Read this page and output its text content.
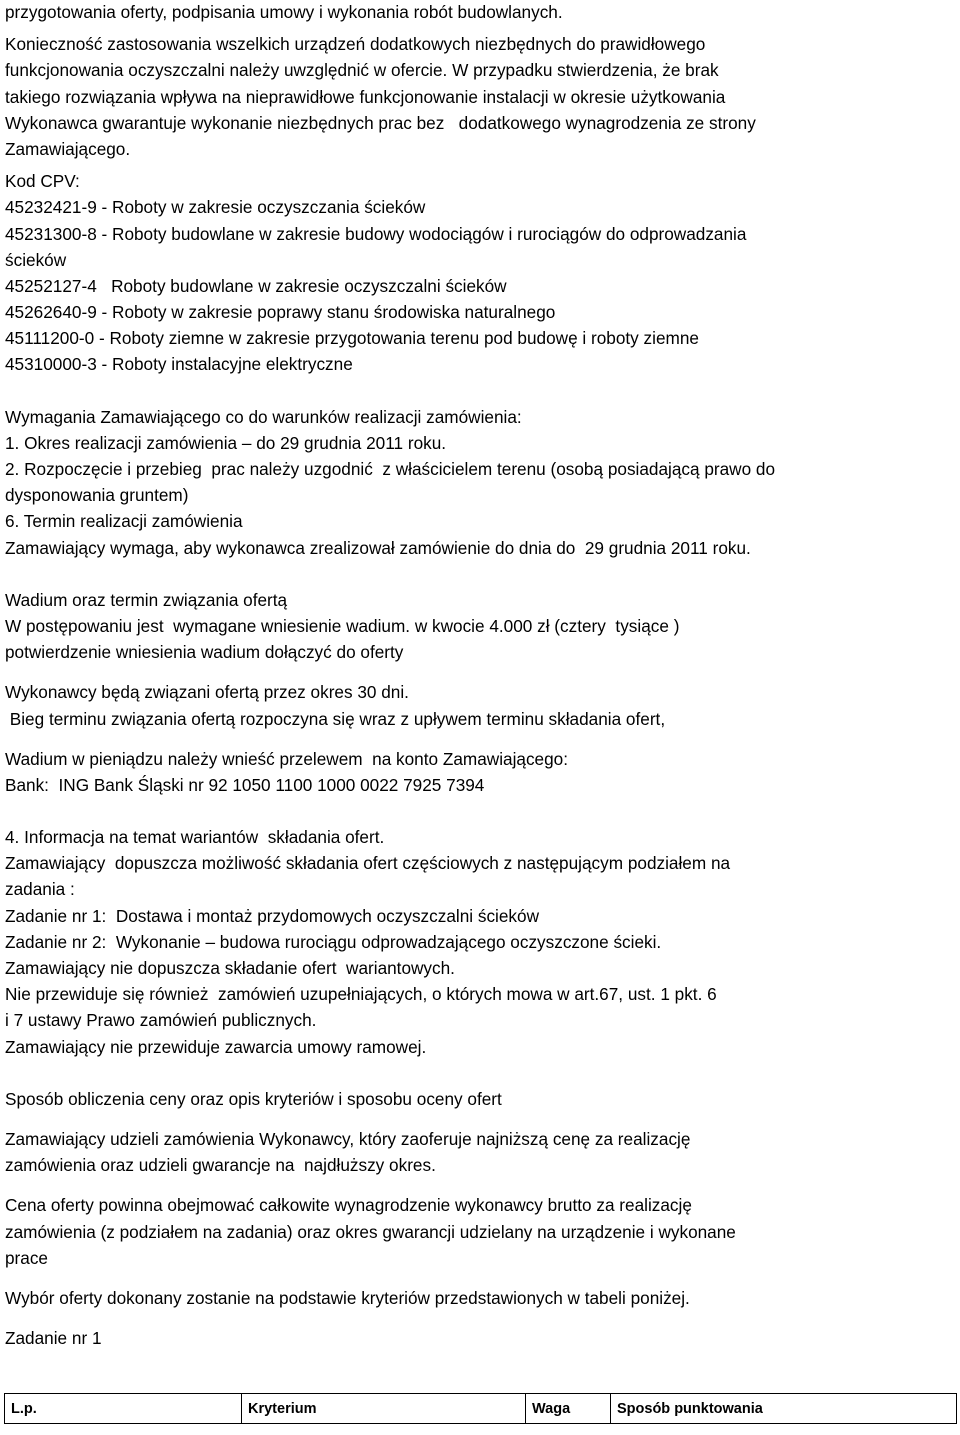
przygotowania oferty, podpisania umowy i wykonania robót budowlanych.

Konieczność zastosowania wszelkich urządzeń dodatkowych niezbędnych do prawidłowego

funkcjonowania oczyszczalni należy uwzględnić w ofercie. W przypadku stwierdzenia, że brak

takiego rozwiązania wpływa na nieprawidłowe funkcjonowanie instalacji w okresie użytkowania

Wykonawca gwarantuje wykonanie niezbędnych prac bez   dodatkowego wynagrodzenia ze strony

Zamawiającego.

Kod CPV:

45232421-9 - Roboty w zakresie oczyszczania ścieków

45231300-8 - Roboty budowlane w zakresie budowy wodociągów i rurociągów do odprowadzania

ścieków

45252127-4   Roboty budowlane w zakresie oczyszczalni ścieków

45262640-9 - Roboty w zakresie poprawy stanu środowiska naturalnego

45111200-0 - Roboty ziemne w zakresie przygotowania terenu pod budowę i roboty ziemne

45310000-3 - Roboty instalacyjne elektryczne

Wymagania Zamawiającego co do warunków realizacji zamówienia:

1. Okres realizacji zamówienia – do 29 grudnia 2011 roku.

2. Rozpoczęcie i przebieg  prac należy uzgodnić  z właścicielem terenu (osobą posiadającą prawo do

dysponowania gruntem)

6. Termin realizacji zamówienia

Zamawiający wymaga, aby wykonawca zrealizował zamówienie do dnia do  29 grudnia 2011 roku.

Wadium oraz termin związania ofertą

W postępowaniu jest  wymagane wniesienie wadium. w kwocie 4.000 zł (cztery  tysiące )

potwierdzenie wniesienia wadium dołączyć do oferty

Wykonawcy będą związani ofertą przez okres 30 dni.

Bieg terminu związania ofertą rozpoczyna się wraz z upływem terminu składania ofert,

Wadium w pieniądzu należy wnieść przelewem  na konto Zamawiającego:

Bank:  ING Bank Śląski nr 92 1050 1100 1000 0022 7925 7394

4. Informacja na temat wariantów  składania ofert.

Zamawiający  dopuszcza możliwość składania ofert częściowych z następującym podziałem na

zadania :

Zadanie nr 1:  Dostawa i montaż przydomowych oczyszczalni ścieków

Zadanie nr 2:  Wykonanie – budowa rurociągu odprowadzającego oczyszczone ścieki.

Zamawiający nie dopuszcza składanie ofert  wariantowych.

Nie przewiduje się również  zamówień uzupełniających, o których mowa w art.67, ust. 1 pkt. 6

i 7 ustawy Prawo zamówień publicznych.

Zamawiający nie przewiduje zawarcia umowy ramowej.

Sposób obliczenia ceny oraz opis kryteriów i sposobu oceny ofert

Zamawiający udzieli zamówienia Wykonawcy, który zaoferuje najniższą cenę za realizację

zamówienia oraz udzieli gwarancje na  najdłuższy okres.

Cena oferty powinna obejmować całkowite wynagrodzenie wykonawcy brutto za realizację

zamówienia (z podziałem na zadania) oraz okres gwarancji udzielany na urządzenie i wykonane

prace

Wybór oferty dokonany zostanie na podstawie kryteriów przedstawionych w tabeli poniżej.

Zadanie nr 1

L.p.	Kryterium	Waga	Sposób punktowania
